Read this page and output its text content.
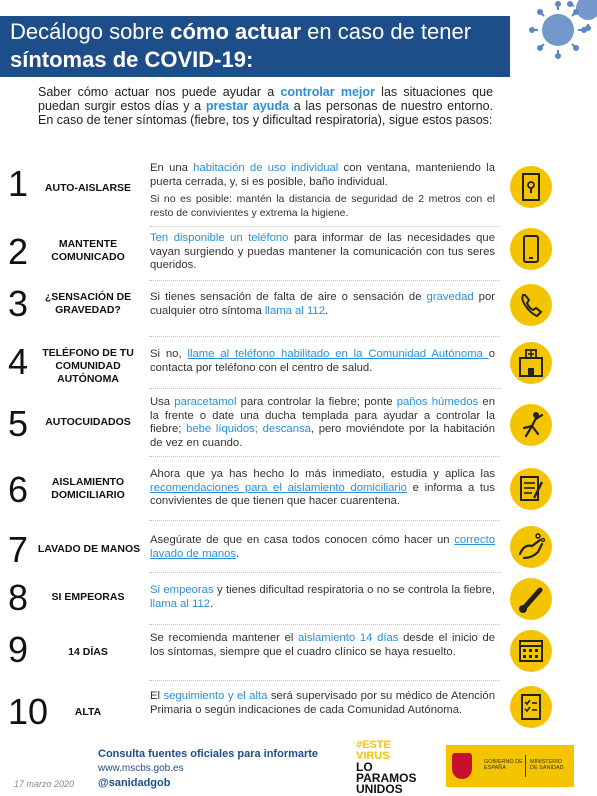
Decálogo sobre cómo actuar en caso de tener síntomas de COVID-19:
Saber cómo actuar nos puede ayudar a controlar mejor las situaciones que puedan surgir estos días y a prestar ayuda a las personas de nuestro entorno. En caso de tener síntomas (fiebre, tos y dificultad respiratoria), sigue estos pasos:
1	AUTO-AISLARSE

En una habitación de uso individual con ventana, manteniendo la puerta cerrada, y, si es posible, baño individual.

Si no es posible: mantén la distancia de seguridad de 2 metros con el resto de convivientes y extrema la higiene.

2	MANTENTE COMUNICADO

Ten disponible un teléfono para informar de las necesidades que vayan surgiendo y puedas mantener la comunicación con tus seres queridos.

3	¿SENSACIÓN DE GRAVEDAD?

Si tienes sensación de falta de aire o sensación de gravedad por cualquier otro síntoma llama al 112.

4	TELÉFONO DE TU COMUNIDAD AUTÓNOMA

Si no, llame al teléfono habilitado en la Comunidad Autónoma o contacta por teléfono con el centro de salud.

5	AUTOCUIDADOS

Usa paracetamol para controlar la fiebre; ponte paños húmedos en la frente o date una ducha templada para ayudar a controlar la fiebre; bebe líquidos; descansa, pero moviéndote por la habitación de vez en cuando.

6	AISLAMIENTO DOMICILIARIO

Ahora que ya has hecho lo más inmediato, estudia y aplica las recomendaciones para el aislamiento domiciliario e informa a tus convivientes de que tienen que hacer cuarentena.

7 LAVADO DE MANOS

Asegúrate de que en casa todos conocen cómo hacer un correcto lavado de manos.

8	SI EMPEORAS

Si empeoras y tienes dificultad respiratoria o no se controla la fiebre, llama al 112.

9	14 DÍAS

Se recomienda mantener el aislamiento 14 días desde el inicio de los síntomas, siempre que el cuadro clínico se haya resuelto.

10	ALTA

El seguimiento y el alta será supervisado por su médico de Atención Primaria o según indicaciones de cada Comunidad Autónoma.

Consulta fuentes oficiales para informarte
www.mscbs.gob.es
@sanidadgob
17 marzo 2020
#ESTE
VIRUS
LO
PARAMOS
UNIDOS
GOBIERNO DE ESPAÑA
MINISTERIO DE SANIDAD
